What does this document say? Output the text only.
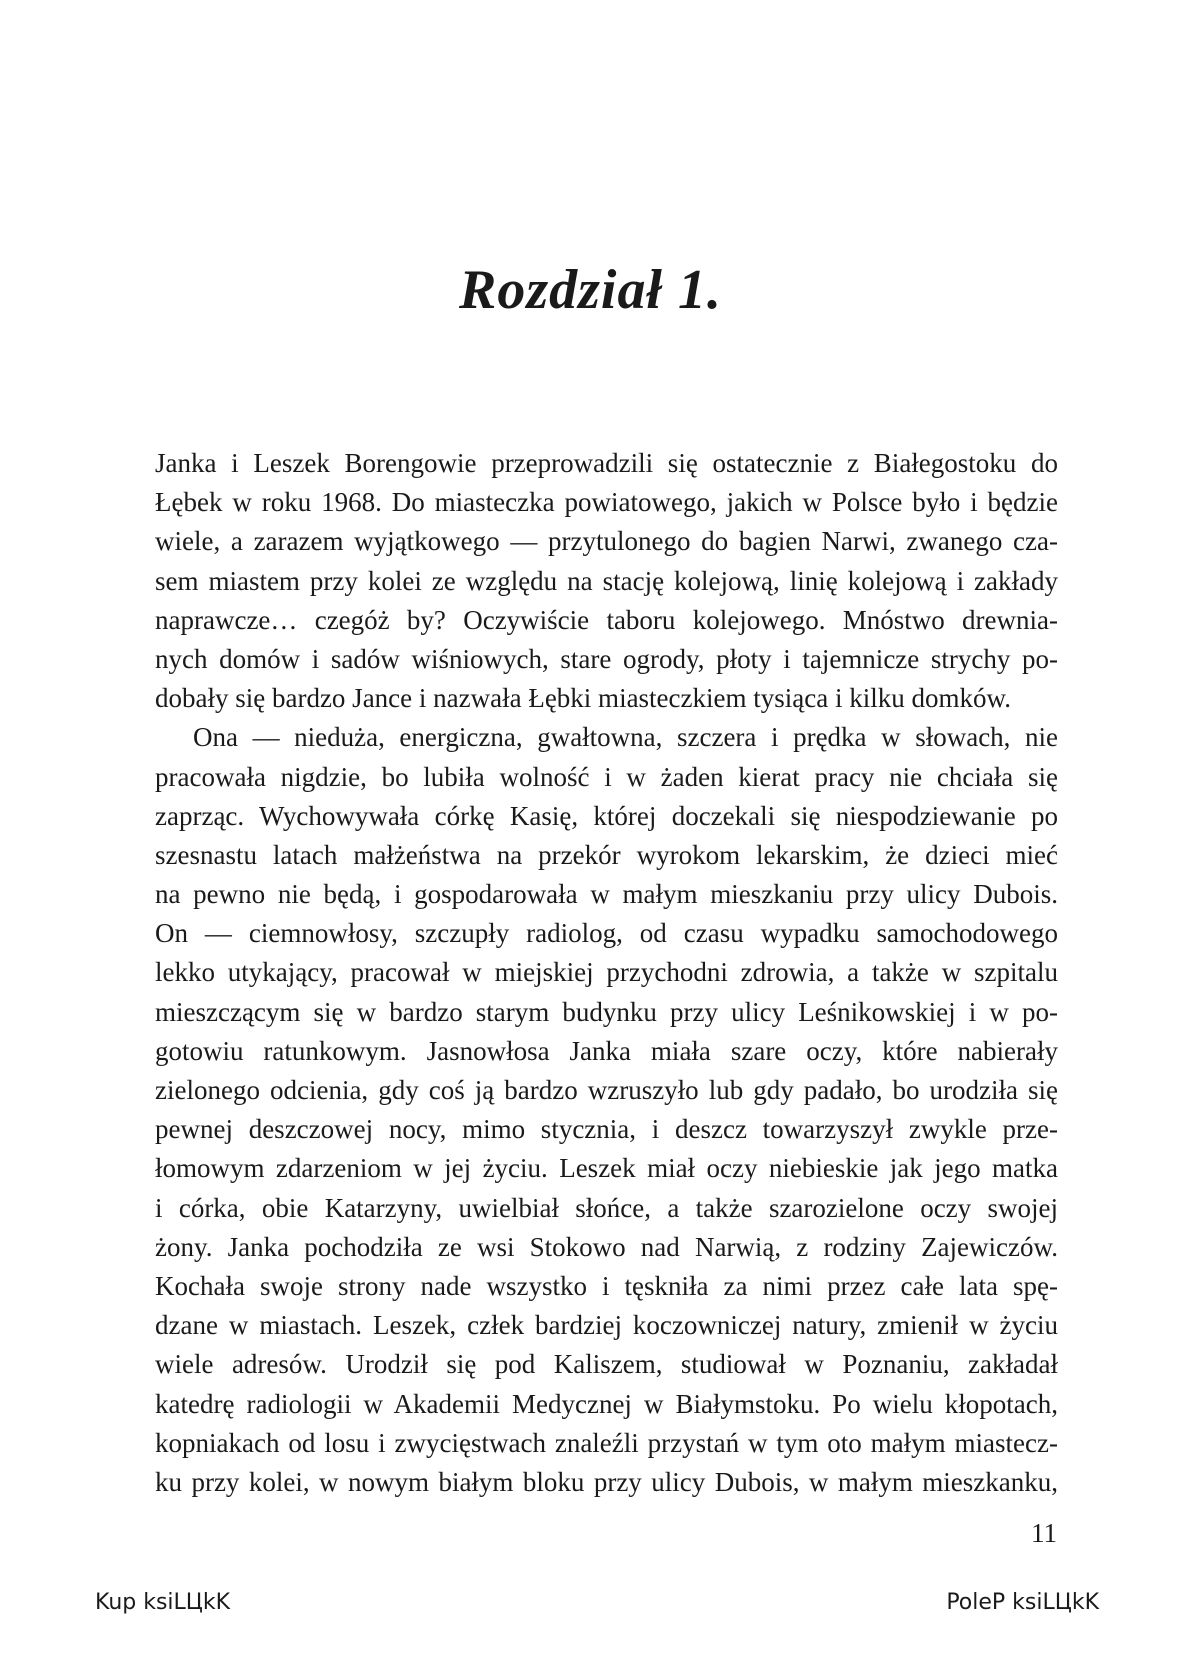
Rozdział 1.
Janka i Leszek Borengowie przeprowadzili się ostatecznie z Białegostoku do
Łębek w roku 1968. Do miasteczka powiatowego, jakich w Polsce było i będzie
wiele, a zarazem wyjątkowego — przytulonego do bagien Narwi, zwanego cza-
sem miastem przy kolei ze względu na stację kolejową, linię kolejową i zakłady
naprawcze… czegóż by? Oczywiście taboru kolejowego. Mnóstwo drewnia-
nych domów i sadów wiśniowych, stare ogrody, płoty i tajemnicze strychy po-
dobały się bardzo Jance i nazwała Łębki miasteczkiem tysiąca i kilku domków.
Ona — nieduża, energiczna, gwałtowna, szczera i prędka w słowach, nie
pracowała nigdzie, bo lubiła wolność i w żaden kierat pracy nie chciała się
zaprząc. Wychowywała córkę Kasię, której doczekali się niespodziewanie po
szesnastu latach małżeństwa na przekór wyrokom lekarskim, że dzieci mieć
na pewno nie będą, i gospodarowała w małym mieszkaniu przy ulicy Dubois.
On — ciemnowłosy, szczupły radiolog, od czasu wypadku samochodowego
lekko utykający, pracował w miejskiej przychodni zdrowia, a także w szpitalu
mieszczącym się w bardzo starym budynku przy ulicy Leśnikowskiej i w po-
gotowiu ratunkowym. Jasnowłosa Janka miała szare oczy, które nabierały
zielonego odcienia, gdy coś ją bardzo wzruszyło lub gdy padało, bo urodziła się
pewnej deszczowej nocy, mimo stycznia, i deszcz towarzyszył zwykle prze-
łomowym zdarzeniom w jej życiu. Leszek miał oczy niebieskie jak jego matka
i córka, obie Katarzyny, uwielbiał słońce, a także szarozielone oczy swojej
żony. Janka pochodziła ze wsi Stokowo nad Narwią, z rodziny Zajewiczów.
Kochała swoje strony nade wszystko i tęskniła za nimi przez całe lata spę-
dzane w miastach. Leszek, człek bardziej koczowniczej natury, zmienił w życiu
wiele adresów. Urodził się pod Kaliszem, studiował w Poznaniu, zakładał
katedrę radiologii w Akademii Medycznej w Białymstoku. Po wielu kłopotach,
kopniakach od losu i zwycięstwach znaleźli przystań w tym oto małym miastecz-
ku przy kolei, w nowym białym bloku przy ulicy Dubois, w małym mieszkanku,
11
Kup ksiLЦkK	PoleP ksiLЦkK
